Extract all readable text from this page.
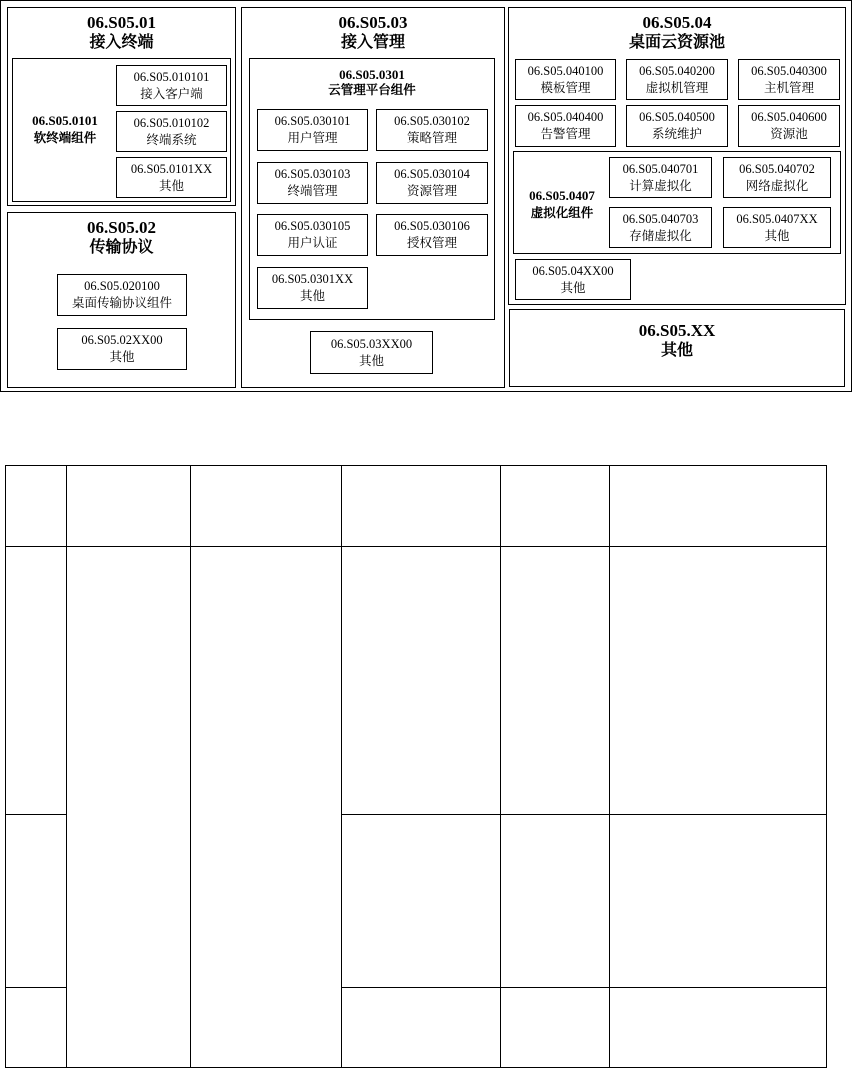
06.S05.01
接入终端
06.S05.0101
软终端组件
06.S05.010101
接入客户端
06.S05.010102
终端系统
06.S05.0101XX
其他
06.S05.02
传输协议
06.S05.020100
桌面传输协议组件
06.S05.02XX00
其他
06.S05.03
接入管理
06.S05.0301
云管理平台组件
06.S05.030101
用户管理
06.S05.030102
策略管理
06.S05.030103
终端管理
06.S05.030104
资源管理
06.S05.030105
用户认证
06.S05.030106
授权管理
06.S05.0301XX
其他
06.S05.03XX00
其他
06.S05.04
桌面云资源池
06.S05.040100
模板管理
06.S05.040200
虚拟机管理
06.S05.040300
主机管理
06.S05.040400
告警管理
06.S05.040500
系统维护
06.S05.040600
资源池
06.S05.0407
虚拟化组件
06.S05.040701
计算虚拟化
06.S05.040702
网络虚拟化
06.S05.040703
存储虚拟化
06.S05.0407XX
其他
06.S05.04XX00
其他
06.S05.XX
其他
